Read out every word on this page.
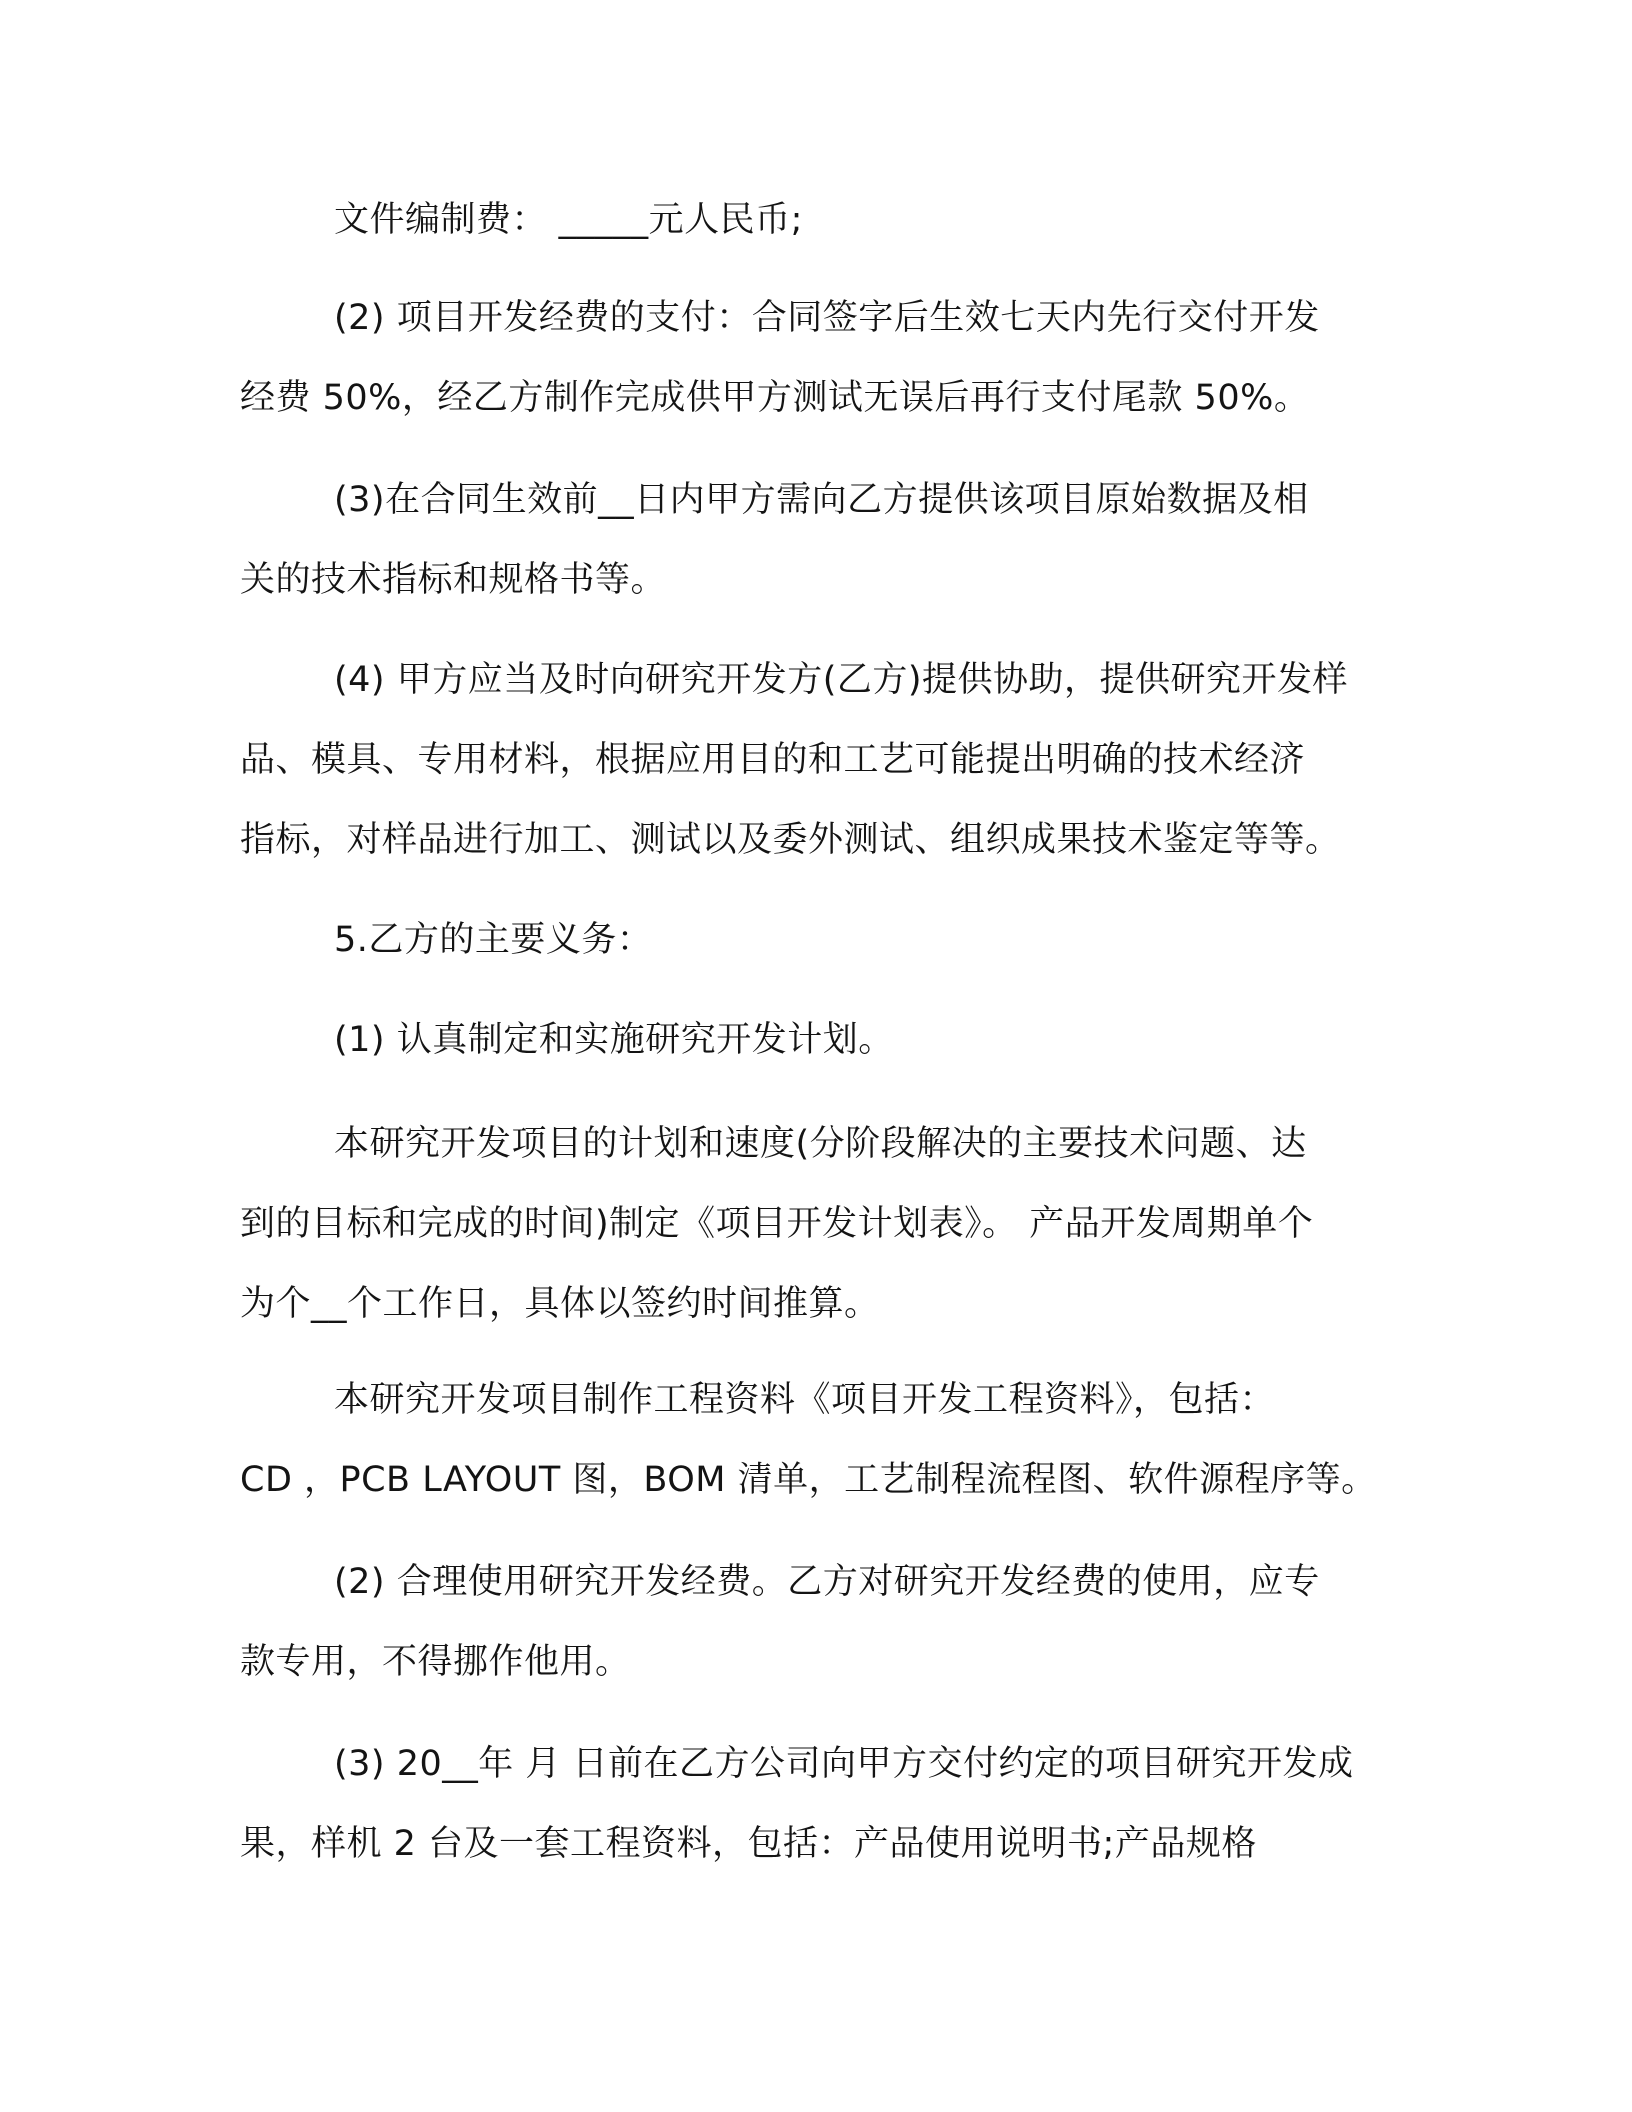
文件编制费： _____元人民币;

(2) 项目开发经费的支付：合同签字后生效七天内先行交付开发

经费 50%，经乙方制作完成供甲方测试无误后再行支付尾款 50%。

(3)在合同生效前__日内甲方需向乙方提供该项目原始数据及相

关的技术指标和规格书等。

(4) 甲方应当及时向研究开发方(乙方)提供协助，提供研究开发样

品、模具、专用材料，根据应用目的和工艺可能提出明确的技术经济

指标，对样品进行加工、测试以及委外测试、组织成果技术鉴定等等。

5.乙方的主要义务：

(1) 认真制定和实施研究开发计划。

本研究开发项目的计划和速度(分阶段解决的主要技术问题、达

到的目标和完成的时间)制定《项目开发计划表》。 产品开发周期单个

为个__个工作日，具体以签约时间推算。

本研究开发项目制作工程资料《项目开发工程资料》，包括：

CD ，PCB LAYOUT 图，BOM 清单，工艺制程流程图、软件源程序等。

(2) 合理使用研究开发经费。乙方对研究开发经费的使用，应专

款专用，不得挪作他用。

(3) 20__年 月 日前在乙方公司向甲方交付约定的项目研究开发成

果，样机 2 台及一套工程资料，包括：产品使用说明书;产品规格
